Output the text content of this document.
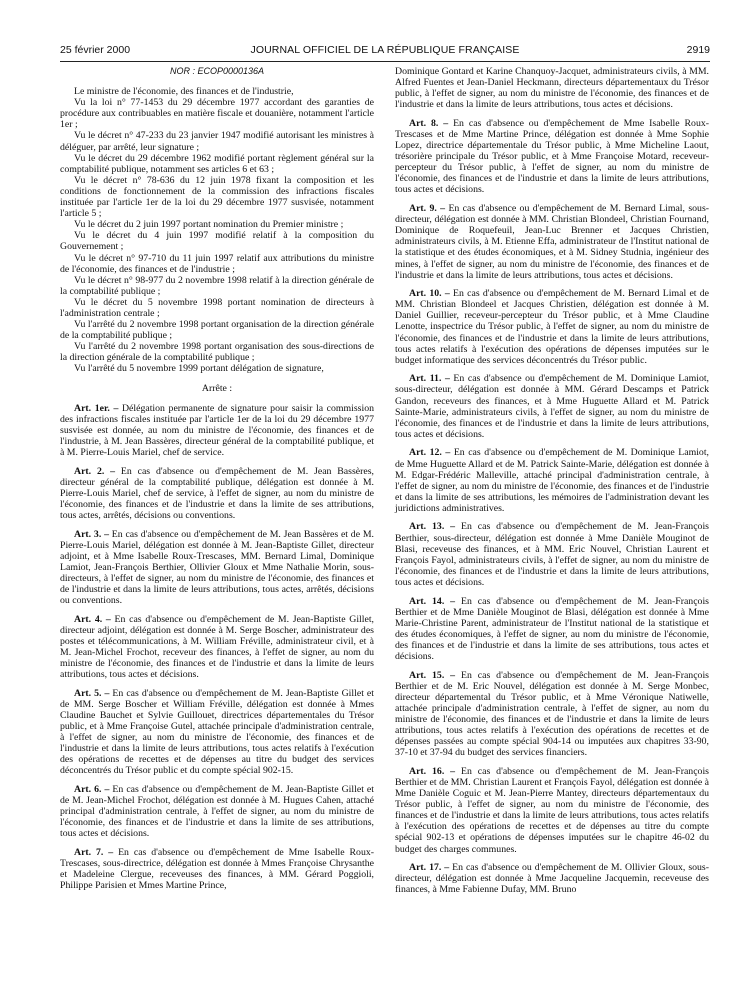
25 février 2000	JOURNAL OFFICIEL DE LA RÉPUBLIQUE FRANÇAISE	2919

NOR : ECOP0000136A

Le ministre de l'économie, des finances et de l'industrie,

Vu la loi n° 77-1453 du 29 décembre 1977 accordant des garanties de procédure aux contribuables en matière fiscale et douanière, notamment l'article 1er ;

Vu le décret n° 47-233 du 23 janvier 1947 modifié autorisant les ministres à déléguer, par arrêté, leur signature ;

Vu le décret du 29 décembre 1962 modifié portant règlement général sur la comptabilité publique, notamment ses articles 6 et 63 ;

Vu le décret n° 78-636 du 12 juin 1978 fixant la composition et les conditions de fonctionnement de la commission des infractions fiscales instituée par l'article 1er de la loi du 29 décembre 1977 susvisée, notamment l'article 5 ;

Vu le décret du 2 juin 1997 portant nomination du Premier ministre ;

Vu le décret du 4 juin 1997 modifié relatif à la composition du Gouvernement ;

Vu le décret n° 97-710 du 11 juin 1997 relatif aux attributions du ministre de l'économie, des finances et de l'industrie ;

Vu le décret n° 98-977 du 2 novembre 1998 relatif à la direction générale de la comptabilité publique ;

Vu le décret du 5 novembre 1998 portant nomination de directeurs à l'administration centrale ;

Vu l'arrêté du 2 novembre 1998 portant organisation de la direction générale de la comptabilité publique ;

Vu l'arrêté du 2 novembre 1998 portant organisation des sous-directions de la direction générale de la comptabilité publique ;

Vu l'arrêté du 5 novembre 1999 portant délégation de signature,

Arrête :

Art. 1er. – Délégation permanente de signature pour saisir la commission des infractions fiscales instituée par l'article 1er de la loi du 29 décembre 1977 susvisée est donnée, au nom du ministre de l'économie, des finances et de l'industrie, à M. Jean Bassères, directeur général de la comptabilité publique, et à M. Pierre-Louis Mariel, chef de service.

Art. 2. – En cas d'absence ou d'empêchement de M. Jean Bassères, directeur général de la comptabilité publique, délégation est donnée à M. Pierre-Louis Mariel, chef de service, à l'effet de signer, au nom du ministre de l'économie, des finances et de l'industrie et dans la limite de ses attributions, tous actes, arrêtés, décisions ou conventions.

Art. 3. – En cas d'absence ou d'empêchement de M. Jean Bassères et de M. Pierre-Louis Mariel, délégation est donnée à M. Jean-Baptiste Gillet, directeur adjoint, et à Mme Isabelle Roux-Trescases, MM. Bernard Limal, Dominique Lamiot, Jean-François Berthier, Ollivier Gloux et Mme Nathalie Morin, sous-directeurs, à l'effet de signer, au nom du ministre de l'économie, des finances et de l'industrie et dans la limite de leurs attributions, tous actes, arrêtés, décisions ou conventions.

Art. 4. – En cas d'absence ou d'empêchement de M. Jean-Baptiste Gillet, directeur adjoint, délégation est donnée à M. Serge Boscher, administrateur des postes et télécommunications, à M. William Fréville, administrateur civil, et à M. Jean-Michel Frochot, receveur des finances, à l'effet de signer, au nom du ministre de l'économie, des finances et de l'industrie et dans la limite de leurs attributions, tous actes et décisions.

Art. 5. – En cas d'absence ou d'empêchement de M. Jean-Baptiste Gillet et de MM. Serge Boscher et William Fréville, délégation est donnée à Mmes Claudine Bauchet et Sylvie Guillouet, directrices départementales du Trésor public, et à Mme Françoise Gutel, attachée principale d'administration centrale, à l'effet de signer, au nom du ministre de l'économie, des finances et de l'industrie et dans la limite de leurs attributions, tous actes relatifs à l'exécution des opérations de recettes et de dépenses au titre du budget des services déconcentrés du Trésor public et du compte spécial 902-15.

Art. 6. – En cas d'absence ou d'empêchement de M. Jean-Baptiste Gillet et de M. Jean-Michel Frochot, délégation est donnée à M. Hugues Cahen, attaché principal d'administration centrale, à l'effet de signer, au nom du ministre de l'économie, des finances et de l'industrie et dans la limite de ses attributions, tous actes et décisions.

Art. 7. – En cas d'absence ou d'empêchement de Mme Isabelle Roux-Trescases, sous-directrice, délégation est donnée à Mmes Françoise Chrysanthe et Madeleine Clergue, receveuses des finances, à MM. Gérard Poggioli, Philippe Parisien et Mmes Martine Prince,

Dominique Gontard et Karine Chanquoy-Jacquet, administrateurs civils, à MM. Alfred Fuentes et Jean-Daniel Heckmann, directeurs départementaux du Trésor public, à l'effet de signer, au nom du ministre de l'économie, des finances et de l'industrie et dans la limite de leurs attributions, tous actes et décisions.

Art. 8. – En cas d'absence ou d'empêchement de Mme Isabelle Roux-Trescases et de Mme Martine Prince, délégation est donnée à Mme Sophie Lopez, directrice départementale du Trésor public, à Mme Micheline Laout, trésorière principale du Trésor public, et à Mme Françoise Motard, receveur-percepteur du Trésor public, à l'effet de signer, au nom du ministre de l'économie, des finances et de l'industrie et dans la limite de leurs attributions, tous actes et décisions.

Art. 9. – En cas d'absence ou d'empêchement de M. Bernard Limal, sous-directeur, délégation est donnée à MM. Christian Blondeel, Christian Fournand, Dominique de Roquefeuil, Jean-Luc Brenner et Jacques Christien, administrateurs civils, à M. Etienne Effa, administrateur de l'Institut national de la statistique et des études économiques, et à M. Sidney Studnia, ingénieur des mines, à l'effet de signer, au nom du ministre de l'économie, des finances et de l'industrie et dans la limite de leurs attributions, tous actes et décisions.

Art. 10. – En cas d'absence ou d'empêchement de M. Bernard Limal et de MM. Christian Blondeel et Jacques Christien, délégation est donnée à M. Daniel Guillier, receveur-percepteur du Trésor public, et à Mme Claudine Lenotte, inspectrice du Trésor public, à l'effet de signer, au nom du ministre de l'économie, des finances et de l'industrie et dans la limite de leurs attributions, tous actes relatifs à l'exécution des opérations de dépenses imputées sur le budget informatique des services déconcentrés du Trésor public.

Art. 11. – En cas d'absence ou d'empêchement de M. Dominique Lamiot, sous-directeur, délégation est donnée à MM. Gérard Descamps et Patrick Gandon, receveurs des finances, et à Mme Huguette Allard et M. Patrick Sainte-Marie, administrateurs civils, à l'effet de signer, au nom du ministre de l'économie, des finances et de l'industrie et dans la limite de leurs attributions, tous actes et décisions.

Art. 12. – En cas d'absence ou d'empêchement de M. Dominique Lamiot, de Mme Huguette Allard et de M. Patrick Sainte-Marie, délégation est donnée à M. Edgar-Frédéric Malleville, attaché principal d'administration centrale, à l'effet de signer, au nom du ministre de l'économie, des finances et de l'industrie et dans la limite de ses attributions, les mémoires de l'administration devant les juridictions administratives.

Art. 13. – En cas d'absence ou d'empêchement de M. Jean-François Berthier, sous-directeur, délégation est donnée à Mme Danièle Mouginot de Blasi, receveuse des finances, et à MM. Eric Nouvel, Christian Laurent et François Fayol, administrateurs civils, à l'effet de signer, au nom du ministre de l'économie, des finances et de l'industrie et dans la limite de leurs attributions, tous actes et décisions.

Art. 14. – En cas d'absence ou d'empêchement de M. Jean-François Berthier et de Mme Danièle Mouginot de Blasi, délégation est donnée à Mme Marie-Christine Parent, administrateur de l'Institut national de la statistique et des études économiques, à l'effet de signer, au nom du ministre de l'économie, des finances et de l'industrie et dans la limite de ses attributions, tous actes et décisions.

Art. 15. – En cas d'absence ou d'empêchement de M. Jean-François Berthier et de M. Eric Nouvel, délégation est donnée à M. Serge Monbec, directeur départemental du Trésor public, et à Mme Véronique Natiwelle, attachée principale d'administration centrale, à l'effet de signer, au nom du ministre de l'économie, des finances et de l'industrie et dans la limite de leurs attributions, tous actes relatifs à l'exécution des opérations de recettes et de dépenses passées au compte spécial 904-14 ou imputées aux chapitres 33-90, 37-10 et 37-94 du budget des services financiers.

Art. 16. – En cas d'absence ou d'empêchement de M. Jean-François Berthier et de MM. Christian Laurent et François Fayol, délégation est donnée à Mme Danièle Coguic et M. Jean-Pierre Mantey, directeurs départementaux du Trésor public, à l'effet de signer, au nom du ministre de l'économie, des finances et de l'industrie et dans la limite de leurs attributions, tous actes relatifs à l'exécution des opérations de recettes et de dépenses au titre du compte spécial 902-13 et opérations de dépenses imputées sur le chapitre 46-02 du budget des charges communes.

Art. 17. – En cas d'absence ou d'empêchement de M. Ollivier Gloux, sous-directeur, délégation est donnée à Mme Jacqueline Jacquemin, receveuse des finances, à Mme Fabienne Dufay, MM. Bruno
